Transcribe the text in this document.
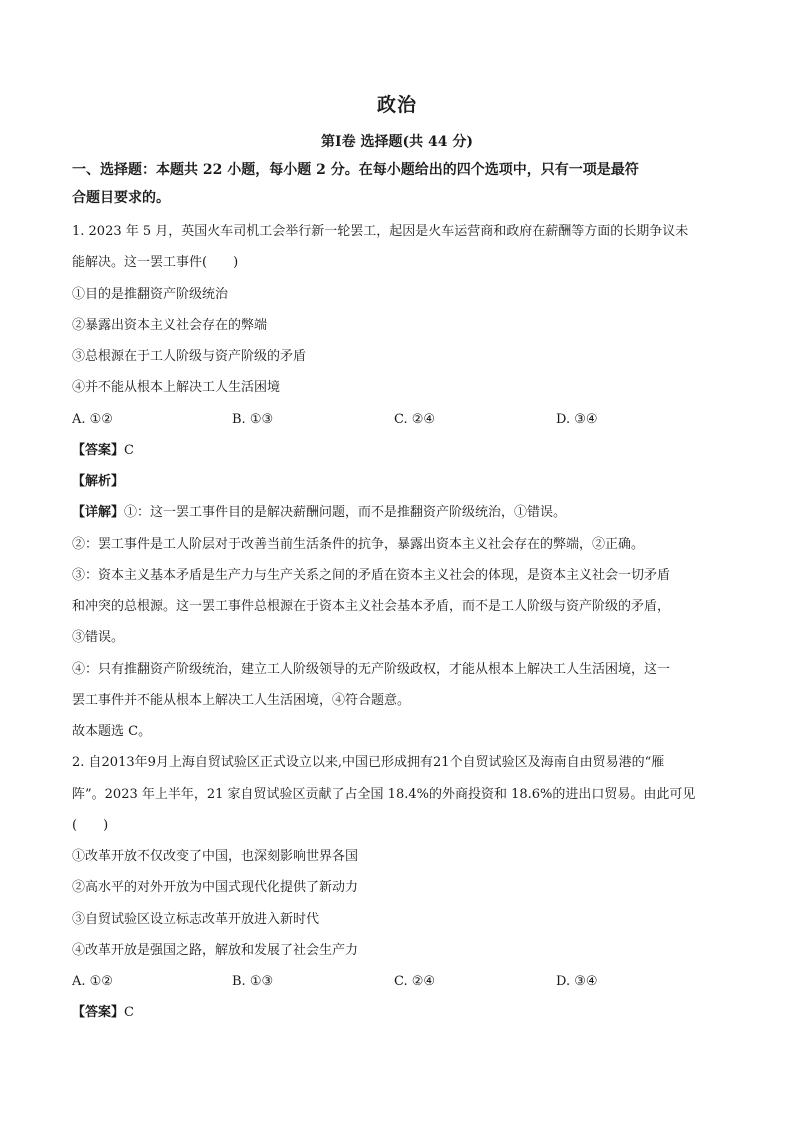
政治
第Ⅰ卷 选择题(共 44 分)
一、选择题：本题共 22 小题，每小题 2 分。在每小题给出的四个选项中，只有一项是最符
合题目要求的。
1. 2023 年 5 月，英国火车司机工会举行新一轮罢工，起因是火车运营商和政府在薪酬等方面的长期争议未
能解决。这一罢工事件(　　)
①目的是推翻资产阶级统治
②暴露出资本主义社会存在的弊端
③总根源在于工人阶级与资产阶级的矛盾
④并不能从根本上解决工人生活困境
A. ①②	B. ①③	C. ②④	D. ③④
【答案】C
【解析】
【详解】①：这一罢工事件目的是解决薪酬问题，而不是推翻资产阶级统治，①错误。
②：罢工事件是工人阶层对于改善当前生活条件的抗争，暴露出资本主义社会存在的弊端，②正确。
③：资本主义基本矛盾是生产力与生产关系之间的矛盾在资本主义社会的体现，是资本主义社会一切矛盾
和冲突的总根源。这一罢工事件总根源在于资本主义社会基本矛盾，而不是工人阶级与资产阶级的矛盾，
③错误。
④：只有推翻资产阶级统治，建立工人阶级领导的无产阶级政权，才能从根本上解决工人生活困境，这一
罢工事件并不能从根本上解决工人生活困境，④符合题意。
故本题选 C。
2. 自2013年9月上海自贸试验区正式设立以来,中国已形成拥有21个自贸试验区及海南自由贸易港的“雁
阵”。2023 年上半年，21 家自贸试验区贡献了占全国 18.4%的外商投资和 18.6%的进出口贸易。由此可见
(　　)
①改革开放不仅改变了中国，也深刻影响世界各国
②高水平的对外开放为中国式现代化提供了新动力
③自贸试验区设立标志改革开放进入新时代
④改革开放是强国之路，解放和发展了社会生产力
A. ①②	B. ①③	C. ②④	D. ③④
【答案】C
